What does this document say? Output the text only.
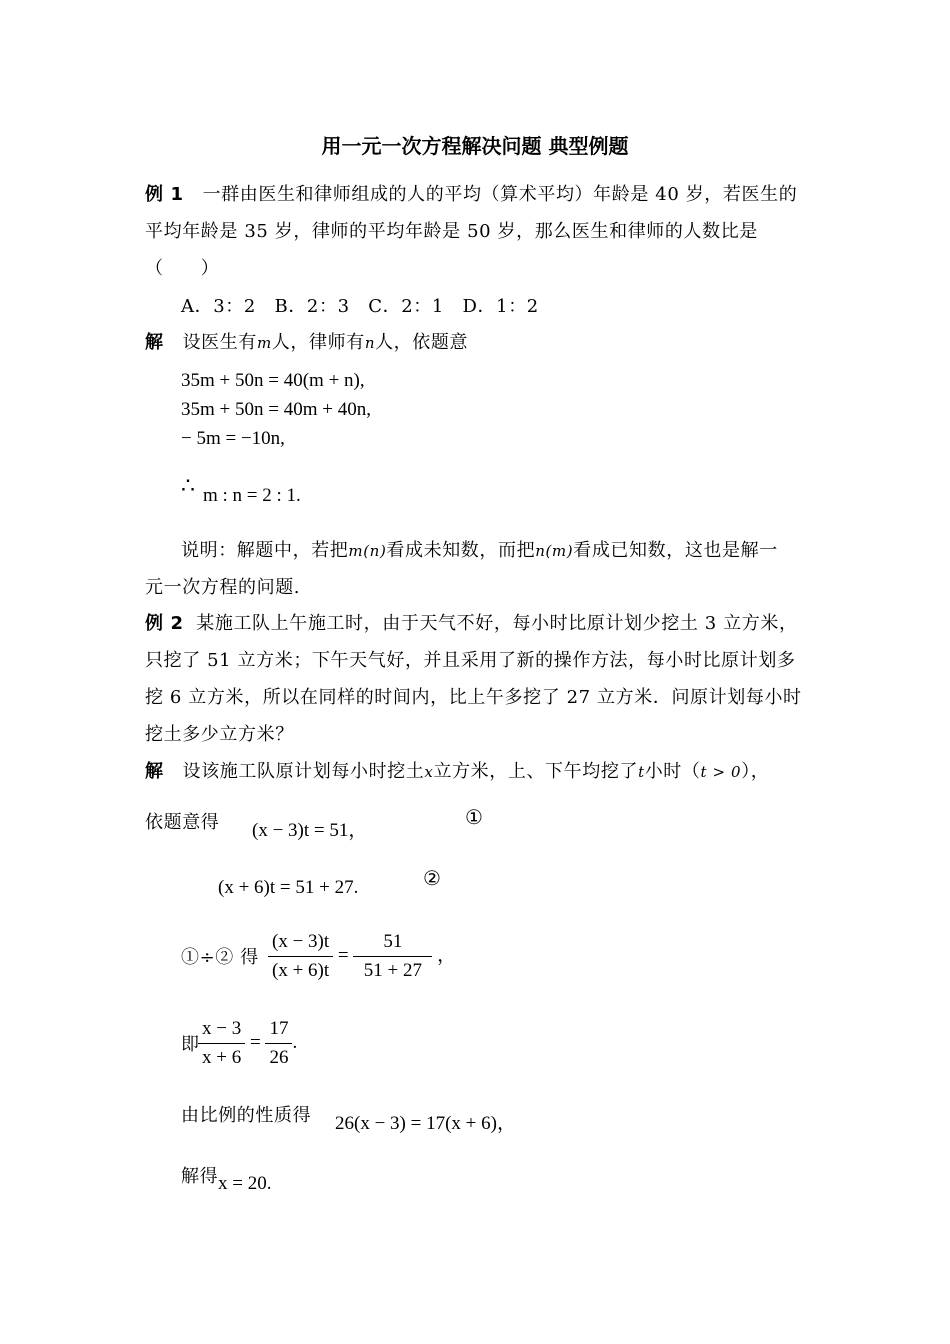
用一元一次方程解决问题 典型例题
例 1 一群由医生和律师组成的人的平均（算术平均）年龄是 40 岁，若医生的
平均年龄是 35 岁，律师的平均年龄是 50 岁，那么医生和律师的人数比是
（　　）
A．3：2　B．2：3　C．2：1　D．1：2
解 设医生有m人，律师有n人，依题意
35m + 50n = 40(m + n),
35m + 50n = 40m + 40n,
− 5m = −10n,
∴ m : n = 2 : 1.
说明：解题中，若把m(n)看成未知数，而把n(m)看成已知数，这也是解一
元一次方程的问题.
例 2 某施工队上午施工时，由于天气不好，每小时比原计划少挖土 3 立方米，
只挖了 51 立方米；下午天气好，并且采用了新的操作方法，每小时比原计划多
挖 6 立方米，所以在同样的时间内，比上午多挖了 27 立方米．问原计划每小时
挖土多少立方米？
解 设该施工队原计划每小时挖土x立方米，上、下午均挖了t小时（t > 0），
依题意得 (x − 3)t = 51，
①
(x + 6)t = 51 + 27.	②
①÷② 得 $\frac{(x - 3)t}{(x + 6)t} = \frac{51}{51 + 27}$ ，
即
$\frac{x - 3}{x + 6} = \frac{17}{26}$ .
由比例的性质得 26(x − 3) = 17(x + 6)，
解得 x = 20.
